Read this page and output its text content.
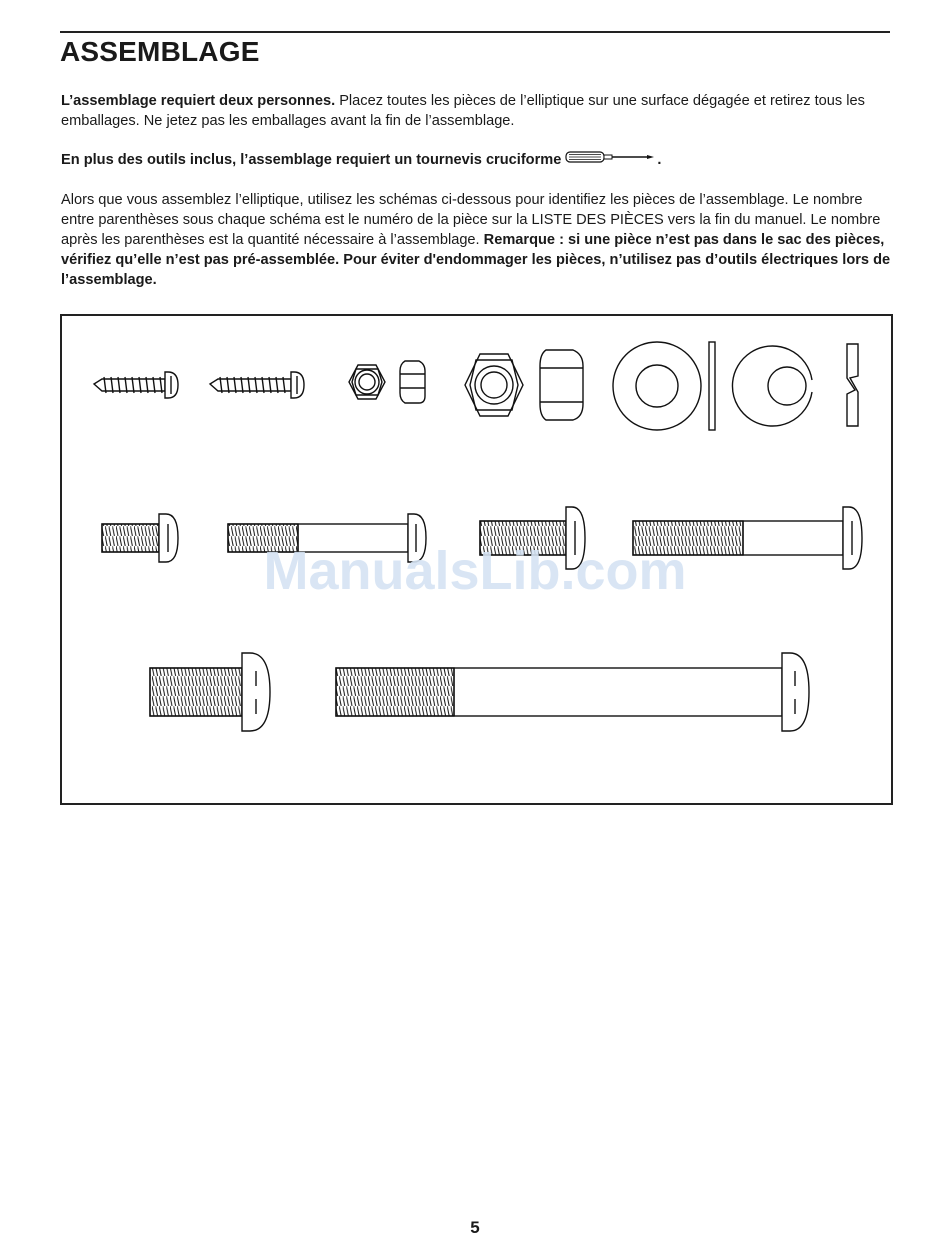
ASSEMBLAGE

L’assemblage requiert deux personnes. Placez toutes les pièces de l’elliptique sur une surface dégagée et retirez tous les emballages. Ne jetez pas les emballages avant la fin de l’assemblage.

En plus des outils inclus, l’assemblage requiert un tournevis cruciforme	.

Alors que vous assemblez l’elliptique, utilisez les schémas ci-dessous pour identifiez les pièces de l’assemblage. Le nombre entre parenthèses sous chaque schéma est le numéro de la pièce sur la LISTE DES PIÈCES vers la fin du manuel. Le nombre après les parenthèses est la quantité nécessaire à l’assemblage. Remarque : si une pièce n’est pas dans le sac des pièces, vérifiez qu’elle n’est pas pré-assemblée. Pour éviter d'endommager les pièces, n’utilisez pas d’outils électriques lors de l’assemblage.

ManualsLib.com
5
